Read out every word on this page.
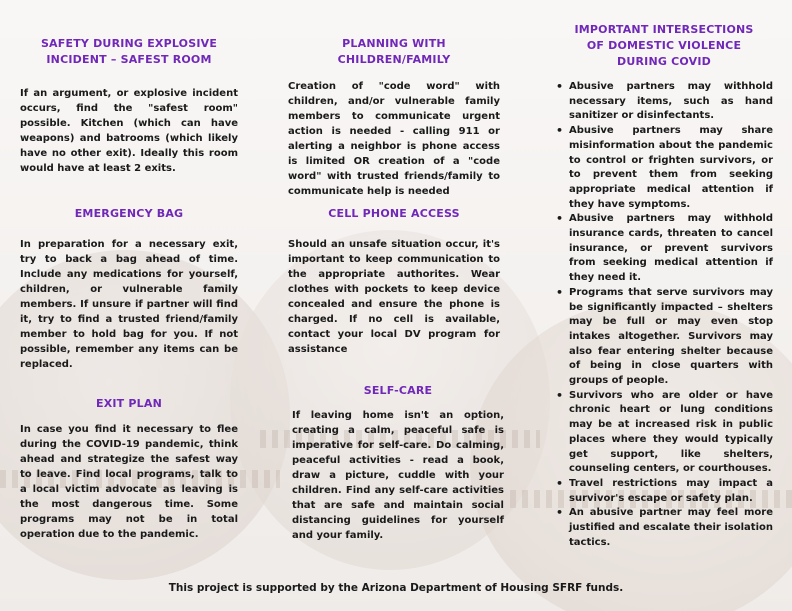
SAFETY DURING EXPLOSIVE
INCIDENT – SAFEST ROOM

If an argument, or explosive incident occurs, find the "safest room" possible. Kitchen (which can have weapons) and batrooms (which likely have no other exit). Ideally this room would have at least 2 exits.

EMERGENCY BAG

In preparation for a necessary exit, try to back a bag ahead of time. Include any medications for yourself, children, or vulnerable family members. If unsure if partner will find it, try to find a trusted friend/family member to hold bag for you. If not possible, remember any items can be replaced.

EXIT PLAN

In case you find it necessary to flee during the COVID-19 pandemic, think ahead and strategize the safest way to leave. Find local programs, talk to a local victim advocate as leaving is the most dangerous time. Some programs may not be in total operation due to the pandemic.

PLANNING WITH
CHILDREN/FAMILY

Creation of "code word" with children, and/or vulnerable family members to communicate urgent action is needed - calling 911 or alerting a neighbor is phone access is limited OR creation of a "code word" with trusted friends/family to communicate help is needed

CELL PHONE ACCESS

Should an unsafe situation occur, it's important to keep communication to the appropriate authorites. Wear clothes with pockets to keep device concealed and ensure the phone is charged. If no cell is available, contact your local DV program for assistance

SELF-CARE

If leaving home isn't an option, creating a calm, peaceful safe is imperative for self-care. Do calming, peaceful activities - read a book, draw a picture, cuddle with your children. Find any self-care activities that are safe and maintain social distancing guidelines for yourself and your family.

IMPORTANT INTERSECTIONS
OF DOMESTIC VIOLENCE
DURING COVID
• Abusive partners may withhold necessary items, such as hand sanitizer or disinfectants.
• Abusive partners may share misinformation about the pandemic to control or frighten survivors, or to prevent them from seeking appropriate medical attention if they have symptoms.
• Abusive partners may withhold insurance cards, threaten to cancel insurance, or prevent survivors from seeking medical attention if they need it.
• Programs that serve survivors may be significantly impacted – shelters may be full or may even stop intakes altogether. Survivors may also fear entering shelter because of being in close quarters with groups of people.
• Survivors who are older or have chronic heart or lung conditions may be at increased risk in public places where they would typically get support, like shelters, counseling centers, or courthouses.
• Travel restrictions may impact a survivor's escape or safety plan.
• An abusive partner may feel more justified and escalate their isolation tactics.
This project is supported by the Arizona Department of Housing SFRF funds.
